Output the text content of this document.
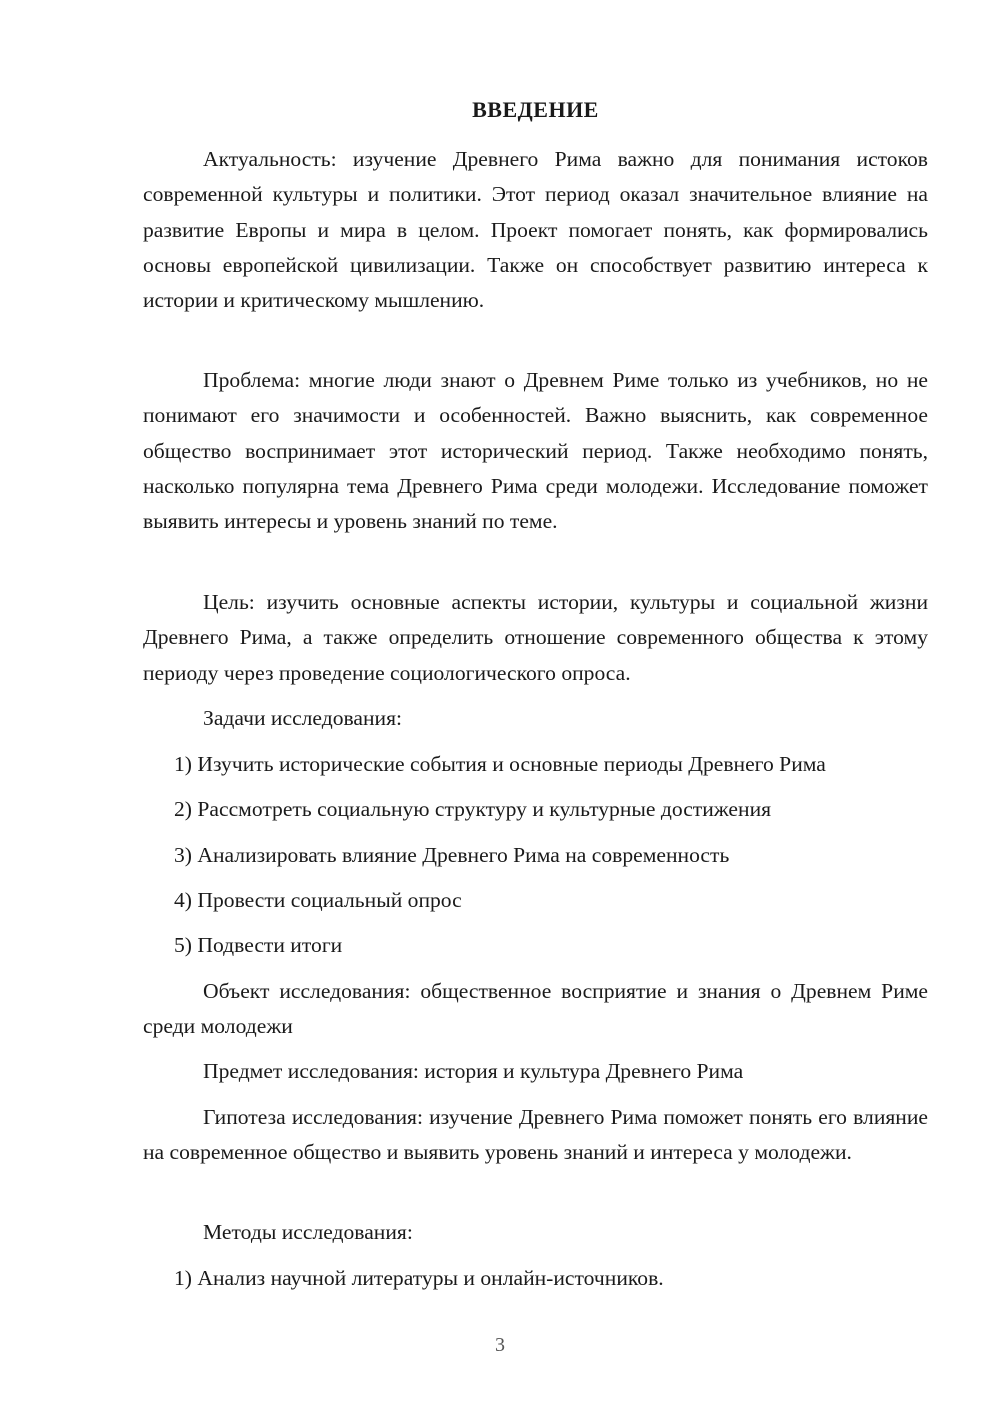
ВВЕДЕНИЕ

Актуальность: изучение Древнего Рима важно для понимания истоков современной культуры и политики. Этот период оказал значительное влияние на развитие Европы и мира в целом. Проект помогает понять, как формировались основы европейской цивилизации. Также он способствует развитию интереса к истории и критическому мышлению.

Проблема: многие люди знают о Древнем Риме только из учебников, но не понимают его значимости и особенностей. Важно выяснить, как современное общество воспринимает этот исторический период. Также необходимо понять, насколько популярна тема Древнего Рима среди молодежи. Исследование поможет выявить интересы и уровень знаний по теме.

Цель: изучить основные аспекты истории, культуры и социальной жизни Древнего Рима, а также определить отношение современного общества к этому периоду через проведение социологического опроса.

Задачи исследования:

1) Изучить исторические события и основные периоды Древнего Рима

2) Рассмотреть социальную структуру и культурные достижения

3) Анализировать влияние Древнего Рима на современность

4) Провести социальный опрос

5) Подвести итоги

Объект исследования: общественное восприятие и знания о Древнем Риме среди молодежи

Предмет исследования: история и культура Древнего Рима

Гипотеза исследования: изучение Древнего Рима поможет понять его влияние на современное общество и выявить уровень знаний и интереса у молодежи.

Методы исследования:

1) Анализ научной литературы и онлайн-источников.

3
